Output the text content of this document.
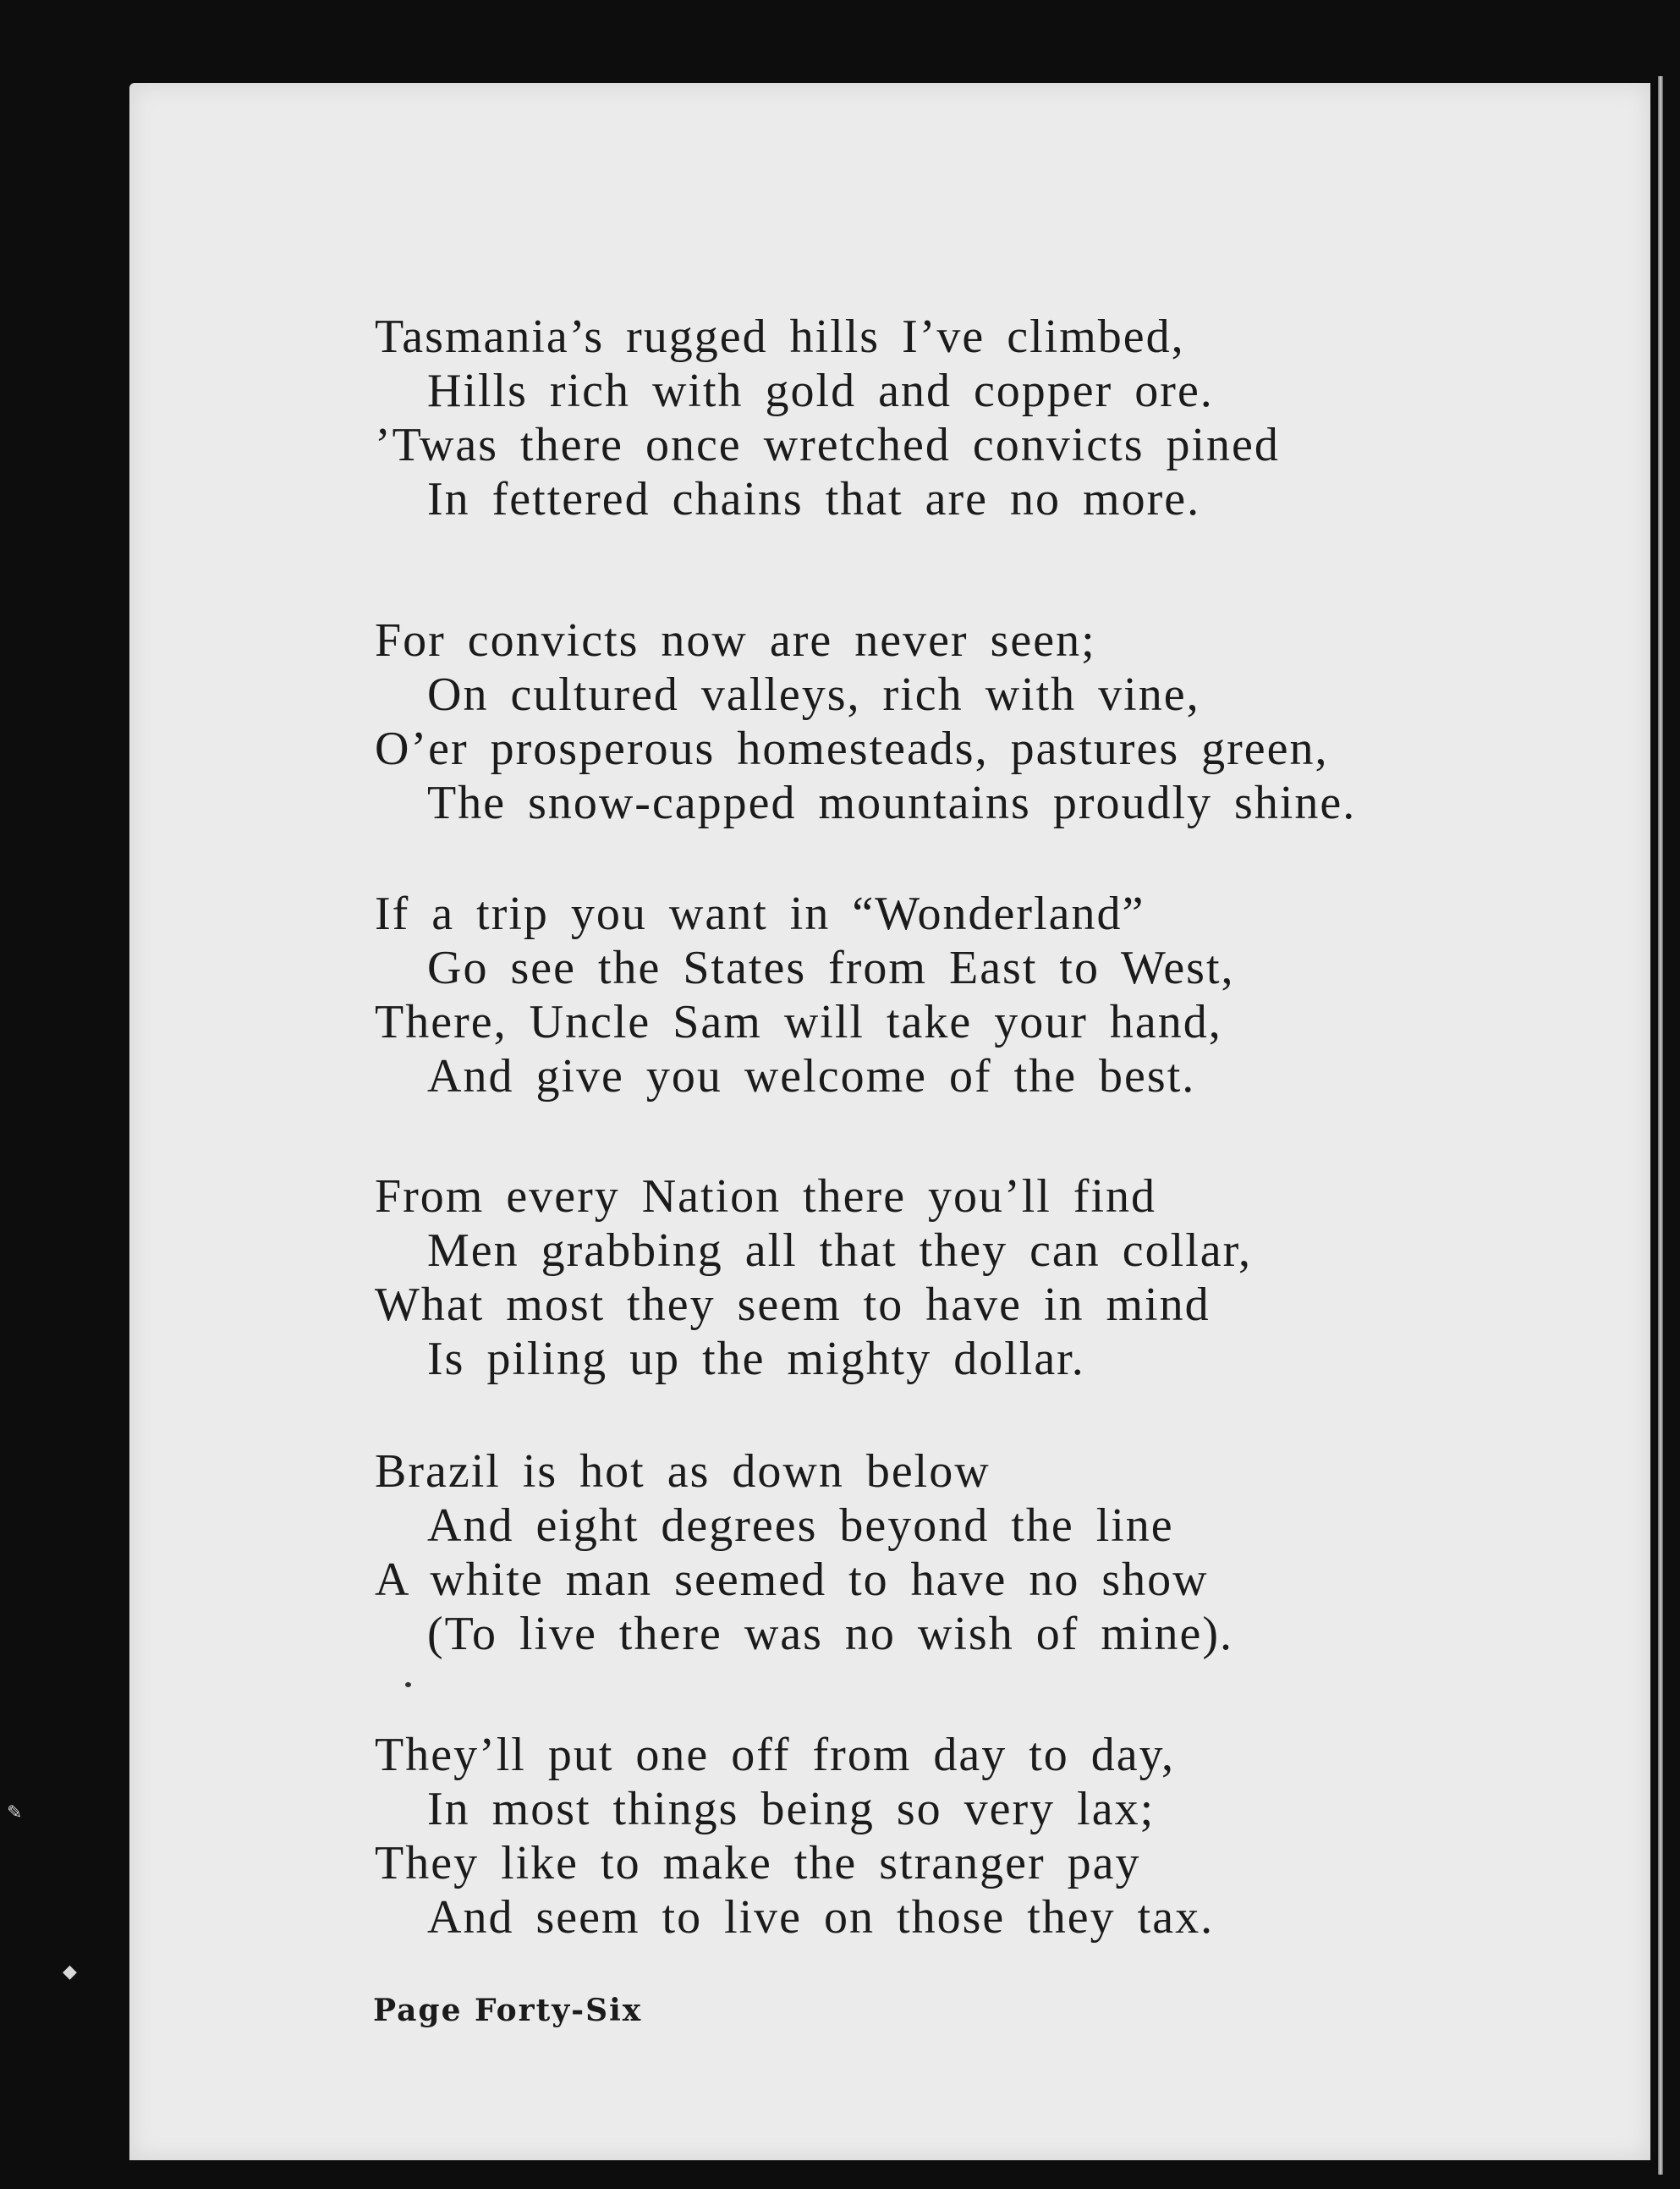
Tasmania’s rugged hills I’ve climbed,
Hills rich with gold and copper ore.
’Twas there once wretched convicts pined
In fettered chains that are no more.
For convicts now are never seen;
On cultured valleys, rich with vine,
O’er prosperous homesteads, pastures green,
The snow-capped mountains proudly shine.
If a trip you want in “Wonderland”
Go see the States from East to West,
There, Uncle Sam will take your hand,
And give you welcome of the best.
From every Nation there you’ll find
Men grabbing all that they can collar,
What most they seem to have in mind
Is piling up the mighty dollar.
Brazil is hot as down below
And eight degrees beyond the line
A white man seemed to have no show
(To live there was no wish of mine).
They’ll put one off from day to day,
In most things being so very lax;
They like to make the stranger pay
And seem to live on those they tax.
Page Forty-Six
✎
◆
